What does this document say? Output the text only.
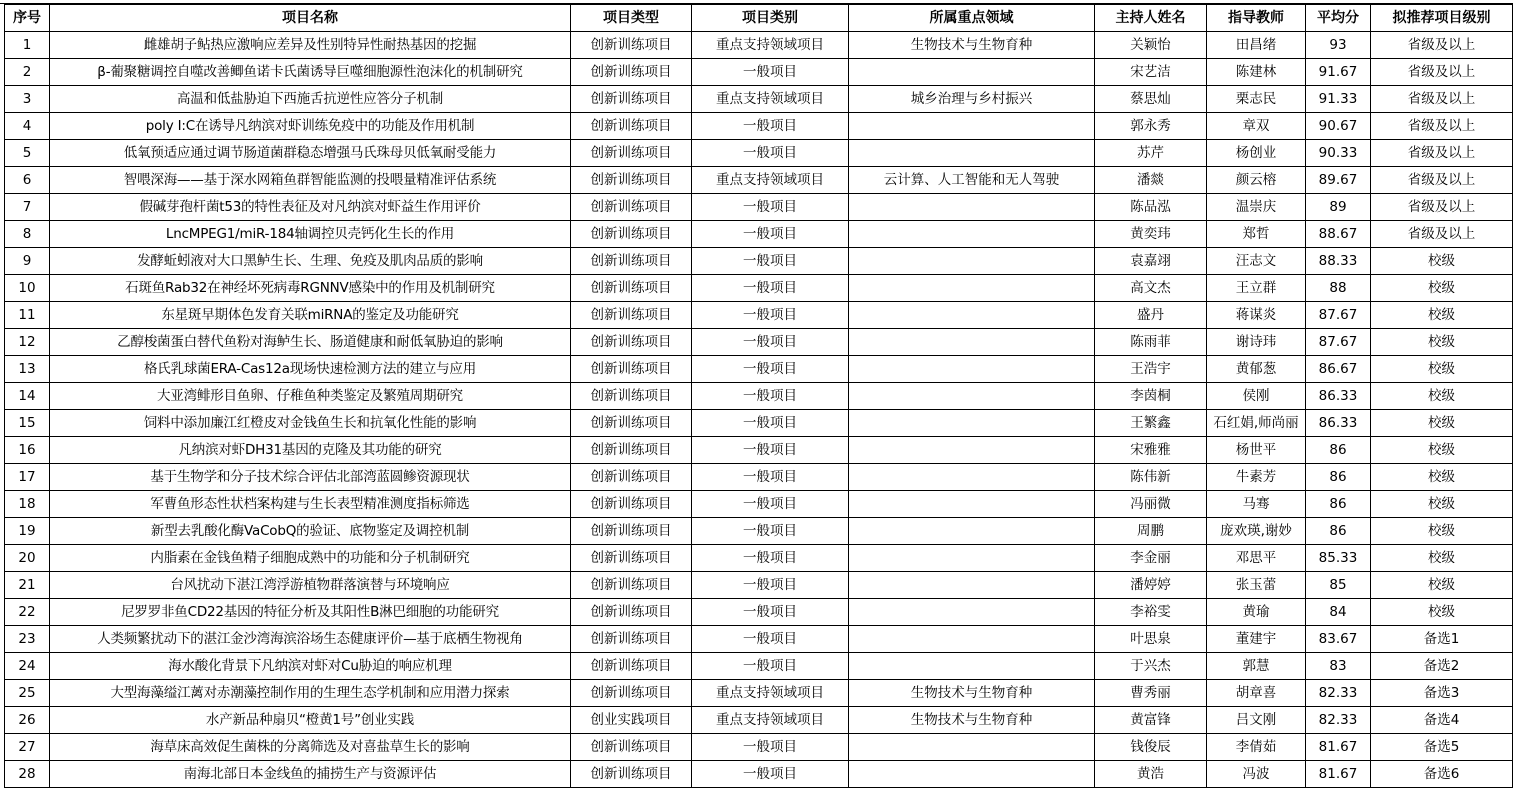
序号	项目名称	项目类型	项目类别	所属重点领域	主持人姓名	指导教师	平均分	拟推荐项目级别
1	雌雄胡子鲇热应激响应差异及性别特异性耐热基因的挖掘	创新训练项目	重点支持领域项目	生物技术与生物育种	关颖怡	田昌绪	93	省级及以上
2	β-葡聚糖调控自噬改善鲫鱼诺卡氏菌诱导巨噬细胞源性泡沫化的机制研究	创新训练项目	一般项目		宋艺洁	陈建林	91.67	省级及以上
3	高温和低盐胁迫下西施舌抗逆性应答分子机制	创新训练项目	重点支持领域项目	城乡治理与乡村振兴	蔡思灿	栗志民	91.33	省级及以上
4	poly I:C在诱导凡纳滨对虾训练免疫中的功能及作用机制	创新训练项目	一般项目		郭永秀	章双	90.67	省级及以上
5	低氧预适应通过调节肠道菌群稳态增强马氏珠母贝低氧耐受能力	创新训练项目	一般项目		苏芹	杨创业	90.33	省级及以上
6	智喂深海——基于深水网箱鱼群智能监测的投喂量精准评估系统	创新训练项目	重点支持领域项目	云计算、人工智能和无人驾驶	潘燚	颜云榕	89.67	省级及以上
7	假碱芽孢杆菌t53的特性表征及对凡纳滨对虾益生作用评价	创新训练项目	一般项目		陈品泓	温崇庆	89	省级及以上
8	LncMPEG1/miR-184轴调控贝壳钙化生长的作用	创新训练项目	一般项目		黄奕玮	郑哲	88.67	省级及以上
9	发酵蚯蚓液对大口黑鲈生长、生理、免疫及肌肉品质的影响	创新训练项目	一般项目		袁嘉翊	汪志文	88.33	校级
10	石斑鱼Rab32在神经坏死病毒RGNNV感染中的作用及机制研究	创新训练项目	一般项目		高文杰	王立群	88	校级
11	东星斑早期体色发育关联miRNA的鉴定及功能研究	创新训练项目	一般项目		盛丹	蒋谋炎	87.67	校级
12	乙醇梭菌蛋白替代鱼粉对海鲈生长、肠道健康和耐低氧胁迫的影响	创新训练项目	一般项目		陈雨菲	谢诗玮	87.67	校级
13	格氏乳球菌ERA-Cas12a现场快速检测方法的建立与应用	创新训练项目	一般项目		王浩宇	黄郁葱	86.67	校级
14	大亚湾鲱形目鱼卵、仔稚鱼种类鉴定及繁殖周期研究	创新训练项目	一般项目		李茵桐	侯刚	86.33	校级
15	饲料中添加廉江红橙皮对金钱鱼生长和抗氧化性能的影响	创新训练项目	一般项目		王繁鑫	石红娟,师尚丽	86.33	校级
16	凡纳滨对虾DH31基因的克隆及其功能的研究	创新训练项目	一般项目		宋雅雅	杨世平	86	校级
17	基于生物学和分子技术综合评估北部湾蓝圆鲹资源现状	创新训练项目	一般项目		陈伟新	牛素芳	86	校级
18	军曹鱼形态性状档案构建与生长表型精准测度指标筛选	创新训练项目	一般项目		冯丽微	马骞	86	校级
19	新型去乳酸化酶VaCobQ的验证、底物鉴定及调控机制	创新训练项目	一般项目		周鹏	庞欢瑛,谢妙	86	校级
20	内脂素在金钱鱼精子细胞成熟中的功能和分子机制研究	创新训练项目	一般项目		李金丽	邓思平	85.33	校级
21	台风扰动下湛江湾浮游植物群落演替与环境响应	创新训练项目	一般项目		潘婷婷	张玉蕾	85	校级
22	尼罗罗非鱼CD22基因的特征分析及其阳性B淋巴细胞的功能研究	创新训练项目	一般项目		李裕雯	黄瑜	84	校级
23	人类频繁扰动下的湛江金沙湾海滨浴场生态健康评价—基于底栖生物视角	创新训练项目	一般项目		叶思泉	董建宇	83.67	备选1
24	海水酸化背景下凡纳滨对虾对Cu胁迫的响应机理	创新训练项目	一般项目		于兴杰	郭慧	83	备选2
25	大型海藻缢江蓠对赤潮藻控制作用的生理生态学机制和应用潜力探索	创新训练项目	重点支持领域项目	生物技术与生物育种	曹秀丽	胡章喜	82.33	备选3
26	水产新品种扇贝“橙黄1号”创业实践	创业实践项目	重点支持领域项目	生物技术与生物育种	黄富锋	吕文刚	82.33	备选4
27	海草床高效促生菌株的分离筛选及对喜盐草生长的影响	创新训练项目	一般项目		钱俊辰	李倩茹	81.67	备选5
28	南海北部日本金线鱼的捕捞生产与资源评估	创新训练项目	一般项目		黄浩	冯波	81.67	备选6
